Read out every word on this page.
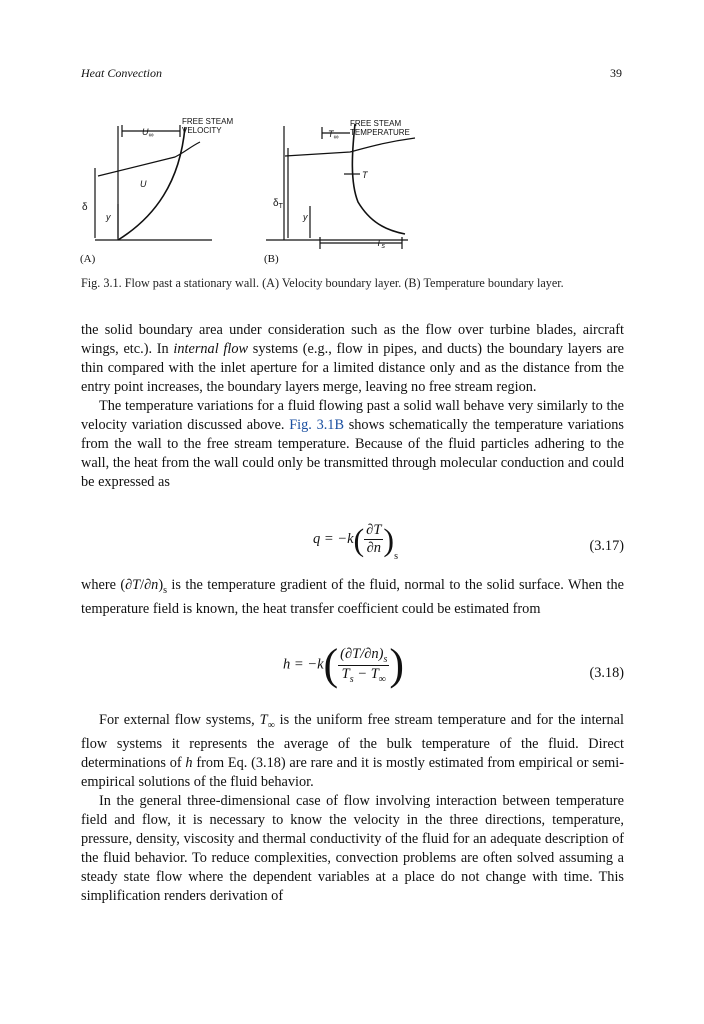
Heat Convection	39
FREE STEAM
VELOCITY
$U_\infty$
U
δ
y
(A)
FREE STEAM
TEMPERATURE
$T_\infty$
T
$\delta_T$
y
$T_s$
(B)
Fig. 3.1. Flow past a stationary wall. (A) Velocity boundary layer. (B) Temperature boundary layer.

the solid boundary area under consideration such as the flow over turbine blades, aircraft wings, etc.). In internal flow systems (e.g., flow in pipes, and ducts) the boundary layers are thin compared with the inlet aperture for a limited distance only and as the distance from the entry point increases, the boundary layers merge, leaving no free stream region.

The temperature variations for a fluid flowing past a solid wall behave very similarly to the velocity variation discussed above. Fig. 3.1B shows schematically the temperature variations from the wall to the free stream temperature. Because of the fluid particles adhering to the wall, the heat from the wall could only be transmitted through molecular conduction and could be expressed as

$q = -k( \frac{\partial T}{\partial n} )_s$
(3.17)

where $(\partial T/\partial n)_s$ is the temperature gradient of the fluid, normal to the solid surface. When the temperature field is known, the heat transfer coefficient could be estimated from

$h = -k( \frac{(\partial T/\partial n)_s}{T_s - T_\infty}$ )	(3.18)

For external flow systems, $T_\infty$ is the uniform free stream temperature and for the internal flow systems it represents the average of the bulk temperature of the fluid. Direct determinations of h from Eq. (3.18) are rare and it is mostly estimated from empirical or semi-empirical solutions of the fluid behavior.

In the general three-dimensional case of flow involving interaction between temperature field and flow, it is necessary to know the velocity in the three directions, temperature, pressure, density, viscosity and thermal conductivity of the fluid for an adequate description of the fluid behavior. To reduce complexities, convection problems are often solved assuming a steady state flow where the dependent variables at a place do not change with time. This simplification renders derivation of
